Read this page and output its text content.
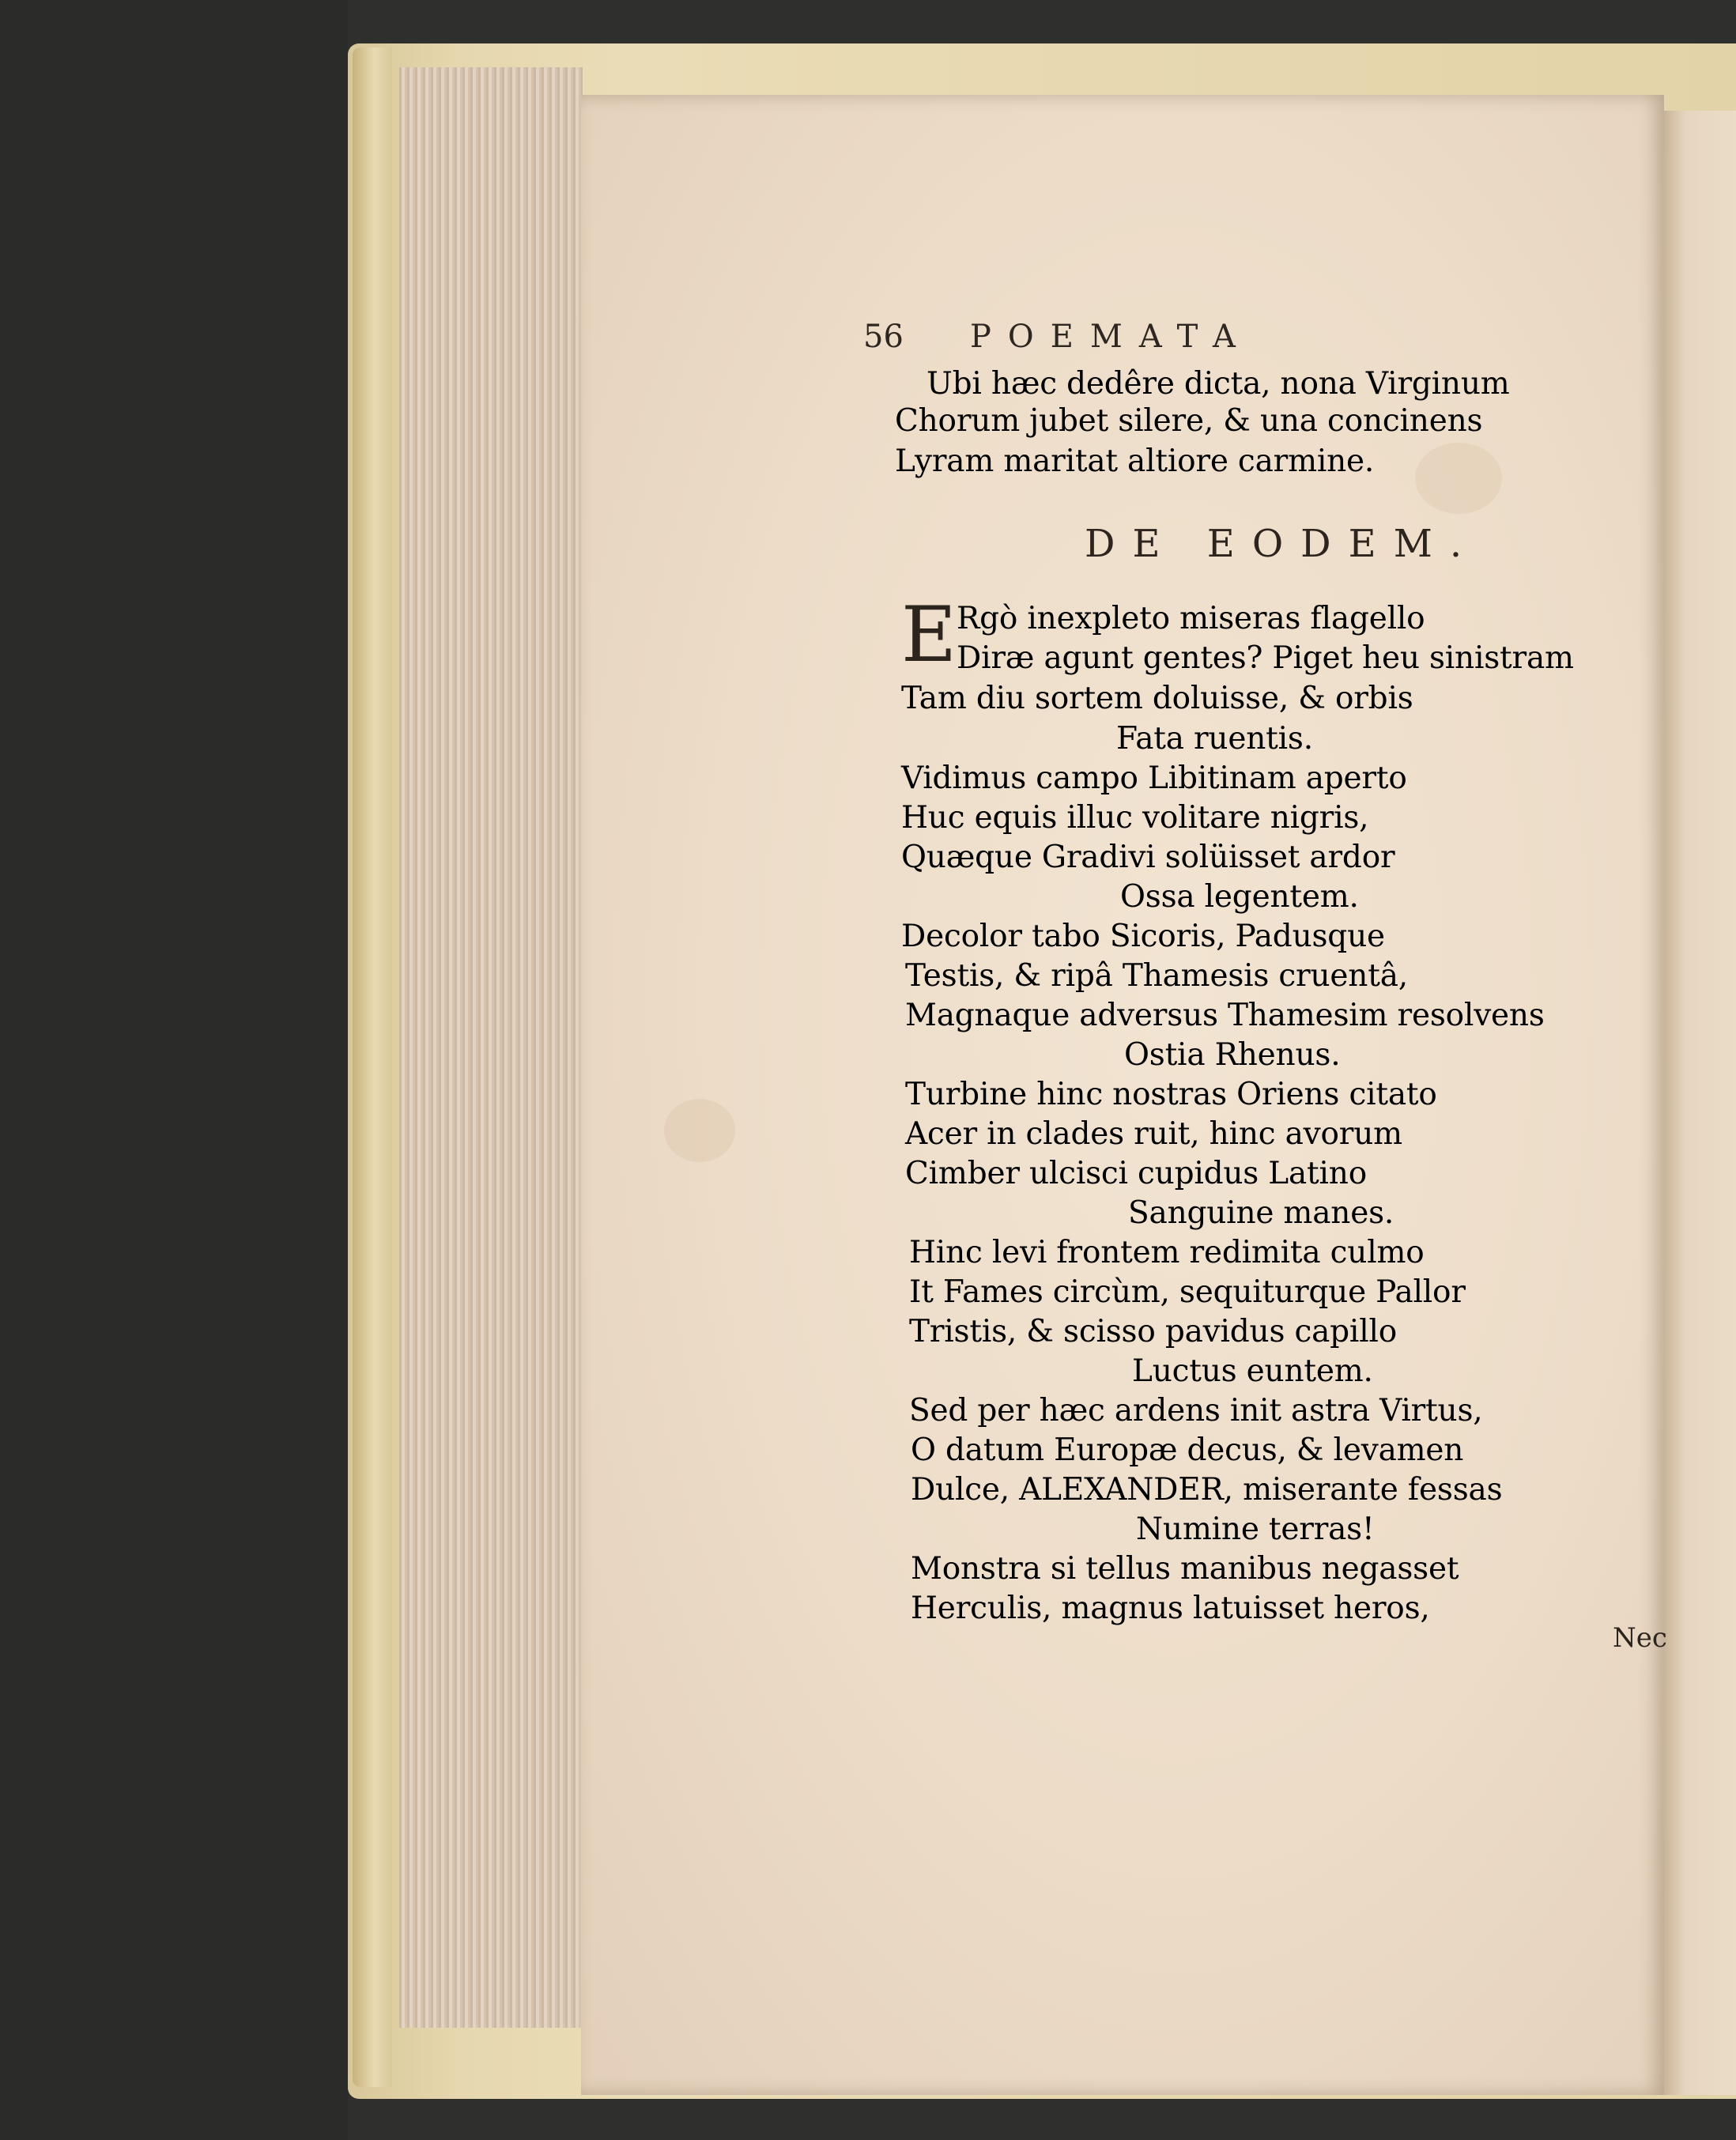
56 POEMATA
Ubi hæc dedêre dicta, nona Virginum
Chorum jubet silere, & una concinens
Lyram maritat altiore carmine.
DE EODEM.
E Rgò inexpleto miseras flagello
Diræ agunt gentes? Piget heu sinistram
Tam diu sortem doluisse, & orbis
Fata ruentis.
Vidimus campo Libitinam aperto
Huc equis illuc volitare nigris,
Quæque Gradivi solüisset ardor
Ossa legentem.
Decolor tabo Sicoris, Padusque
Testis, & ripâ Thamesis cruentâ,
Magnaque adversus Thamesim resolvens
Ostia Rhenus.
Turbine hinc nostras Oriens citato
Acer in clades ruit, hinc avorum
Cimber ulcisci cupidus Latino
Sanguine manes.
Hinc levi frontem redimita culmo
It Fames circùm, sequiturque Pallor
Tristis, & scisso pavidus capillo
Luctus euntem.
Sed per hæc ardens init astra Virtus,
O datum Europæ decus, & levamen
Dulce, ALEXANDER, miserante fessas
Numine terras!
Monstra si tellus manibus negasset
Herculis, magnus latuisset heros,
Nec
